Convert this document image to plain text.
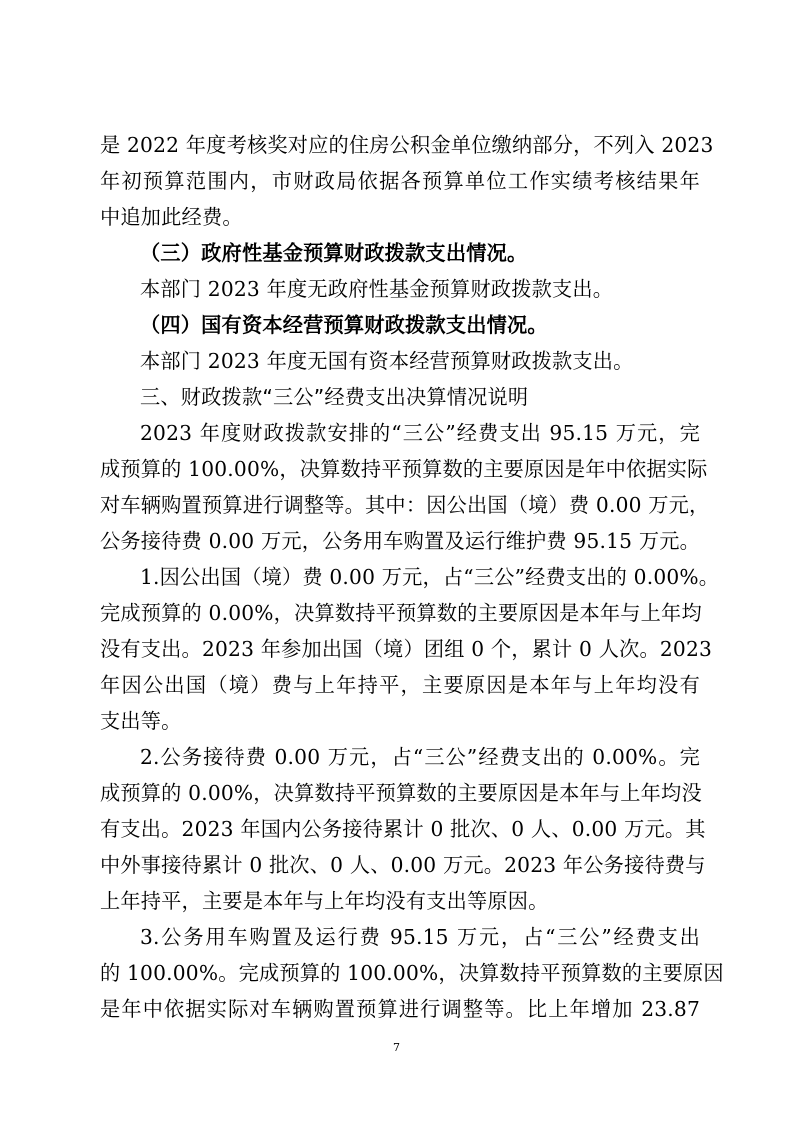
是 2022 年度考核奖对应的住房公积金单位缴纳部分，不列入 2023
年初预算范围内，市财政局依据各预算单位工作实绩考核结果年
中追加此经费。
（三）政府性基金预算财政拨款支出情况。
本部门 2023 年度无政府性基金预算财政拨款支出。
（四）国有资本经营预算财政拨款支出情况。
本部门 2023 年度无国有资本经营预算财政拨款支出。
三、财政拨款“三公”经费支出决算情况说明
2023 年度财政拨款安排的“三公”经费支出 95.15 万元，完
成预算的 100.00%，决算数持平预算数的主要原因是年中依据实际
对车辆购置预算进行调整等。其中：因公出国（境）费 0.00 万元，
公务接待费 0.00 万元，公务用车购置及运行维护费 95.15 万元。
1.因公出国（境）费 0.00 万元，占“三公”经费支出的 0.00%。
完成预算的 0.00%，决算数持平预算数的主要原因是本年与上年均
没有支出。2023 年参加出国（境）团组 0 个，累计 0 人次。2023
年因公出国（境）费与上年持平，主要原因是本年与上年均没有
支出等。
2.公务接待费 0.00 万元，占“三公”经费支出的 0.00%。完
成预算的 0.00%，决算数持平预算数的主要原因是本年与上年均没
有支出。2023 年国内公务接待累计 0 批次、0 人、0.00 万元。其
中外事接待累计 0 批次、0 人、0.00 万元。2023 年公务接待费与
上年持平，主要是本年与上年均没有支出等原因。
3.公务用车购置及运行费 95.15 万元，占“三公”经费支出
的 100.00%。完成预算的 100.00%，决算数持平预算数的主要原因
是年中依据实际对车辆购置预算进行调整等。比上年增加 23.87
7
